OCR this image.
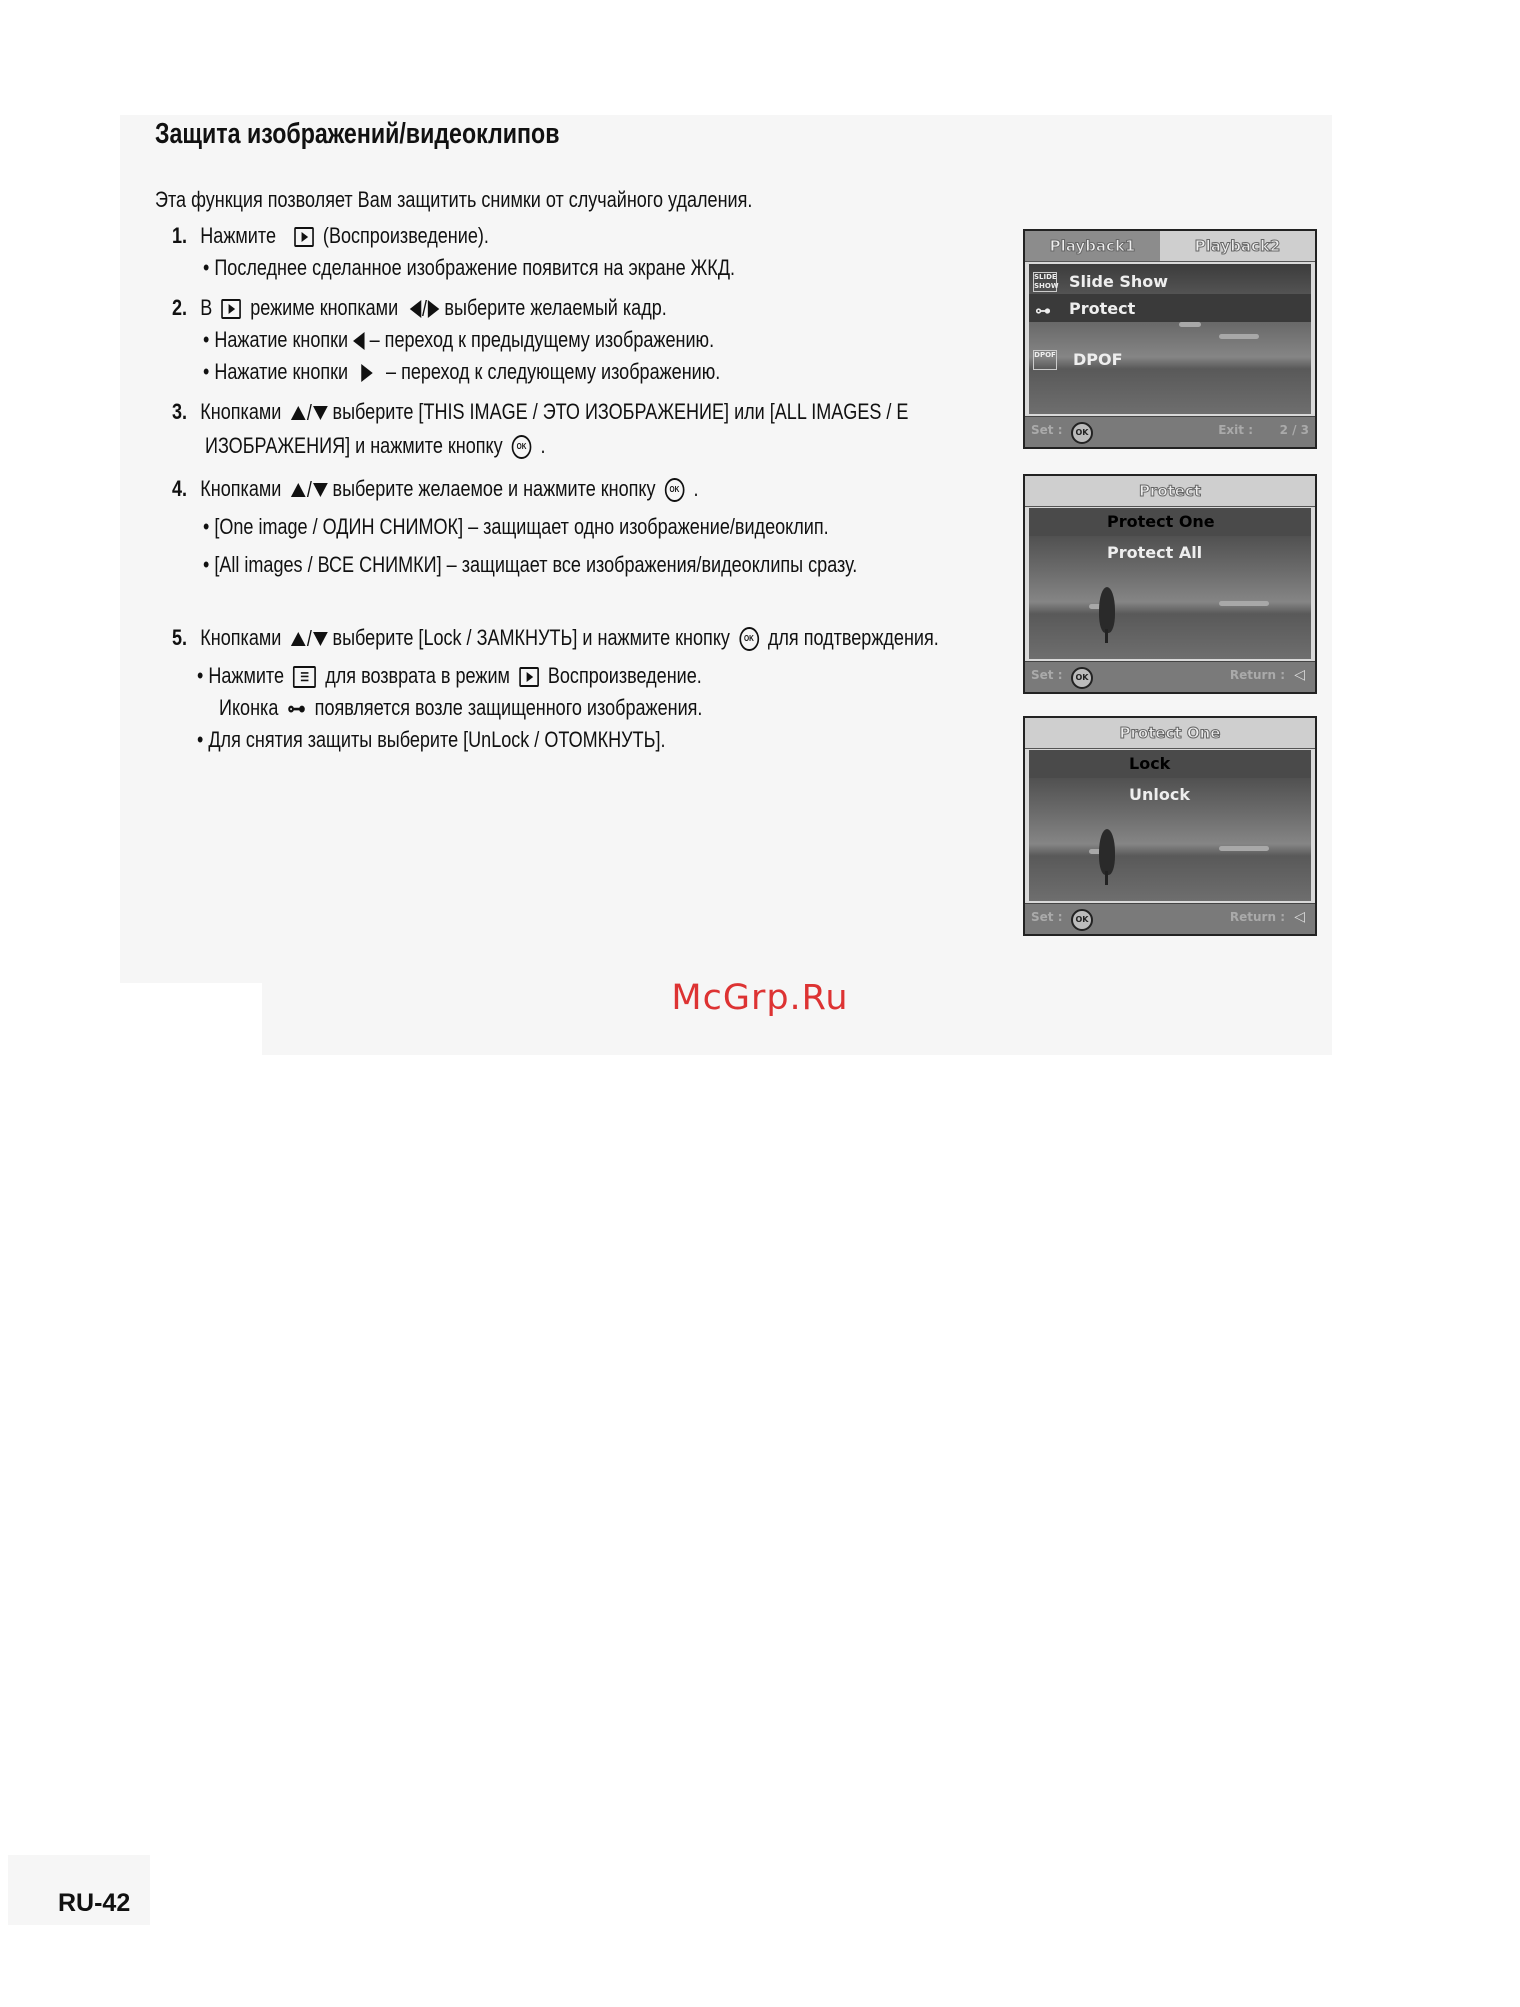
Защита изображений/видеоклипов
Эта функция позволяет Вам защитить снимки от случайного удаления.
1. Нажмите (Воспроизведение).
• Последнее сделанное изображение появится на экране ЖКД.
2. В режиме кнопками / выберите желаемый кадр.
• Нажатие кнопки – переход к предыдущему изображению.
• Нажатие кнопки – переход к следующему изображению.
3. Кнопками / выберите [THIS IMAGE / ЭТО ИЗОБРАЖЕНИЕ] или [ALL IMAGES / Е
ИЗОБРАЖЕНИЯ] и нажмите кнопку OK .
4. Кнопками / выберите желаемое и нажмите кнопку OK .
• [One image / ОДИН СНИМОК] – защищает одно изображение/видеоклип.
• [All images / ВСЕ СНИМКИ] – защищает все изображения/видеоклипы сразу.
5. Кнопками / выберите [Lock / ЗАМКНУТЬ] и нажмите кнопку OK для подтверждения.
• Нажмите ☰ для возврата в режим Воспроизведение.
Иконка ⊶ появляется возле защищенного изображения.
• Для снятия защиты выберите [UnLock / ОТОМКНУТЬ].
Playback1	Playback2
SLIDE SHOW Slide Show
⊶ Protect
DPOF DPOF
Set :	OK	Exit : 2 / 3
Protect
Protect One
Protect All
Set :	OK	Return : ◁
Protect One
Lock
Unlock
Set :	OK	Return : ◁
McGrp.Ru
RU-42
